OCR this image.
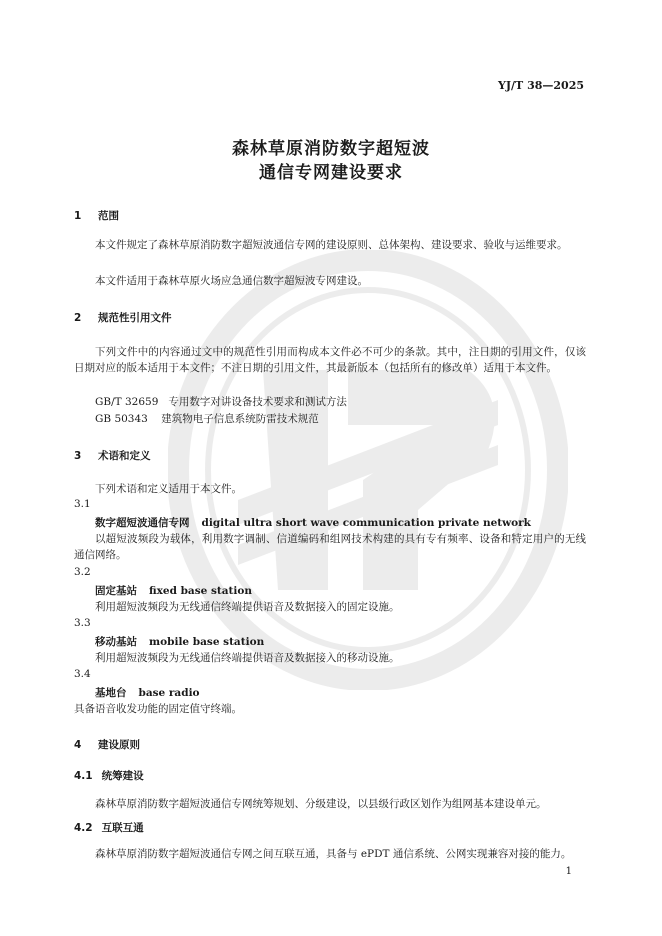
YJ/T 38—2025
森林草原消防数字超短波
通信专网建设要求
1 范围
本文件规定了森林草原消防数字超短波通信专网的建设原则、总体架构、建设要求、验收与运维要求。
本文件适用于森林草原火场应急通信数字超短波专网建设。
2 规范性引用文件
下列文件中的内容通过文中的规范性引用而构成本文件必不可少的条款。其中，注日期的引用文件，仅该日期对应的版本适用于本文件；不注日期的引用文件，其最新版本（包括所有的修改单）适用于本文件。
GB/T 32659 专用数字对讲设备技术要求和测试方法
GB 50343 建筑物电子信息系统防雷技术规范
3 术语和定义
下列术语和定义适用于本文件。
3.1
数字超短波通信专网 digital ultra short wave communication private network
以超短波频段为载体，利用数字调制、信道编码和组网技术构建的具有专有频率、设备和特定用户的无线通信网络。
3.2
固定基站 fixed base station
利用超短波频段为无线通信终端提供语音及数据接入的固定设施。
3.3
移动基站 mobile base station
利用超短波频段为无线通信终端提供语音及数据接入的移动设施。
3.4
基地台 base radio
具备语音收发功能的固定值守终端。
4 建设原则
4.1 统筹建设
森林草原消防数字超短波通信专网统筹规划、分级建设，以县级行政区划作为组网基本建设单元。
4.2 互联互通
森林草原消防数字超短波通信专网之间互联互通，具备与 ePDT 通信系统、公网实现兼容对接的能力。
1
